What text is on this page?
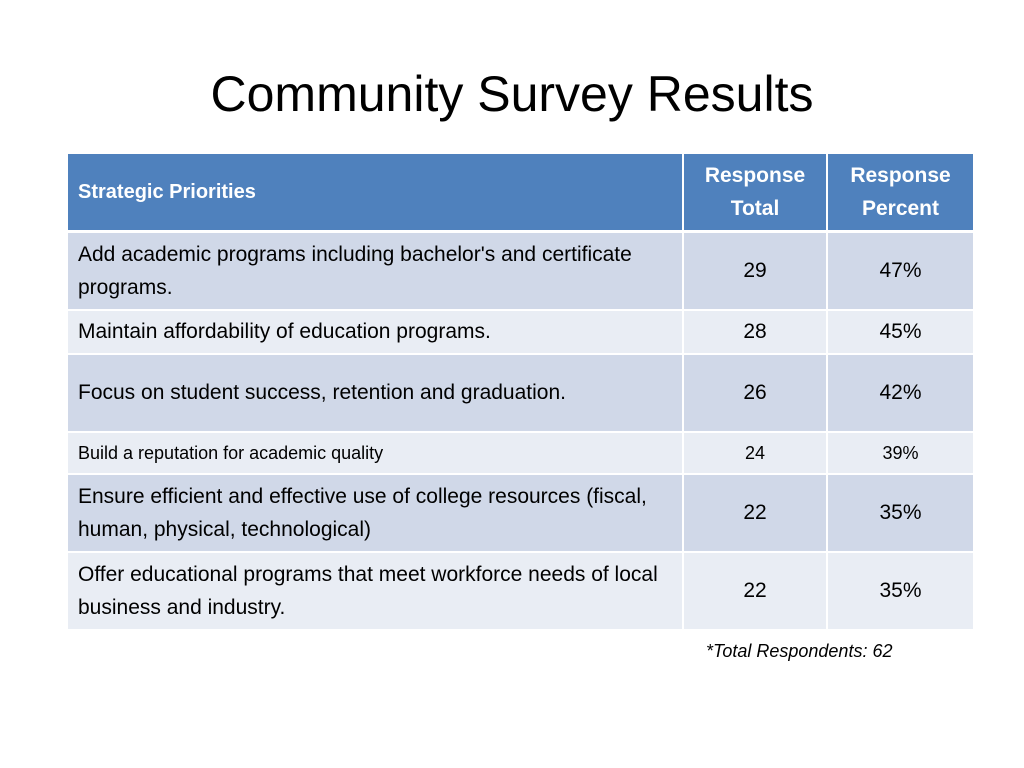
Community Survey Results
Strategic Priorities	Response Total	Response Percent
Add academic programs including bachelor's and certificate programs.	29	47%
Maintain affordability of education programs.	28	45%
Focus on student success, retention and graduation.	26	42%
Build a reputation for academic quality	24	39%
Ensure efficient and effective use of college resources (fiscal, human, physical, technological)	22	35%
Offer educational programs that meet workforce needs of local business and industry.	22	35%
*Total Respondents: 62
